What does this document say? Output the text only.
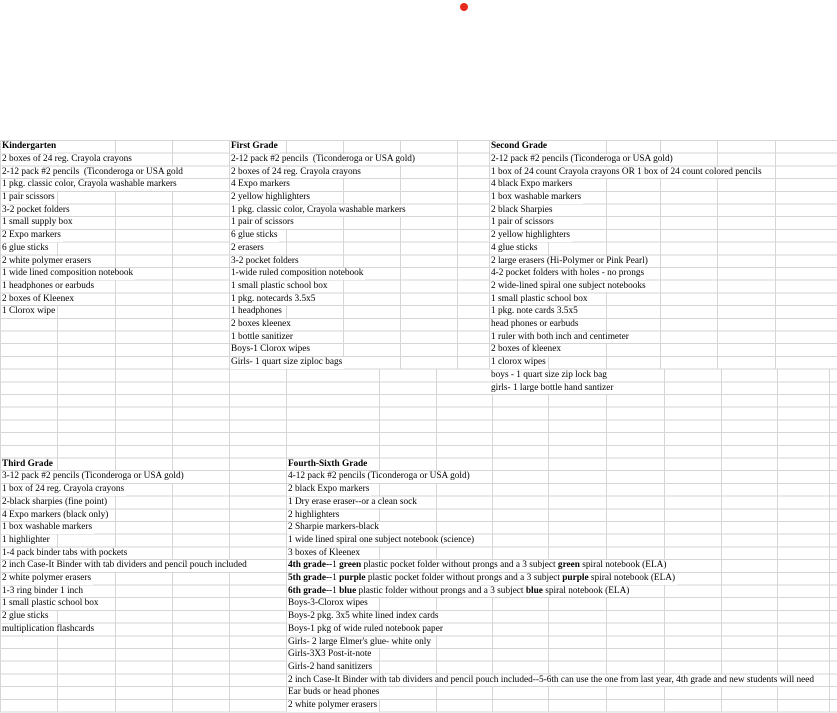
Kindergarten
2 boxes of 24 reg. Crayola crayons
2-12 pack #2 pencils  (Ticonderoga or USA gold
1 pkg. classic color, Crayola washable markers
1 pair scissors
3-2 pocket folders
1 small supply box
2 Expo markers
6 glue sticks
2 white polymer erasers
1 wide lined composition notebook
1 headphones or earbuds
2 boxes of Kleenex
1 Clorox wipe
First Grade
2-12 pack #2 pencils  (Ticonderoga or USA gold)
2 boxes of 24 reg. Crayola crayons
4 Expo markers
2 yellow highlighters
1 pkg. classic color, Crayola washable markers
1 pair of scissors
6 glue sticks
2 erasers
3-2 pocket folders
1-wide ruled composition notebook
1 small plastic school box
1 pkg. notecards 3.5x5
1 headphones
2 boxes kleenex
1 bottle sanitizer
Boys-1 Clorox wipes
Girls- 1 quart size ziploc bags
Second Grade
2-12 pack #2 pencils (Ticonderoga or USA gold)
1 box of 24 count Crayola crayons OR 1 box of 24 count colored pencils
4 black Expo markers
1 box washable markers
2 black Sharpies
1 pair of scissors
2 yellow highlighters
4 glue sticks
2 large erasers (Hi-Polymer or Pink Pearl)
4-2 pocket folders with holes - no prongs
2 wide-lined spiral one subject notebooks
1 small plastic school box
1 pkg. note cards 3.5x5
head phones or earbuds
1 ruler with both inch and centimeter
2 boxes of kleenex
1 clorox wipes
boys - 1 quart size zip lock bag
girls- 1 large bottle hand santizer
Third Grade
3-12 pack #2 pencils (Ticonderoga or USA gold)
1 box of 24 reg. Crayola crayons
2-black sharpies (fine point)
4 Expo markers (black only)
1 box washable markers
1 highlighter
1-4 pack binder tabs with pockets
2 inch Case-It Binder with tab dividers and pencil pouch included
2 white polymer erasers
1-3 ring binder 1 inch
1 small plastic school box
2 glue sticks
multiplication flashcards
Fourth-Sixth Grade
4-12 pack #2 pencils (Ticonderoga or USA gold)
2 black Expo markers
1 Dry erase eraser--or a clean sock
2 highlighters
2 Sharpie markers-black
1 wide lined spiral one subject notebook (science)
3 boxes of Kleenex
4th grade--1 green plastic pocket folder without prongs and a 3 subject green spiral notebook (ELA)
5th grade--1 purple plastic pocket folder without prongs and a 3 subject purple spiral notebook (ELA)
6th grade--1 blue plastic folder without prongs and a 3 subject blue spiral notebook (ELA)
Boys-3-Clorox wipes
Boys-2 pkg. 3x5 white lined index cards
Boys-1 pkg of wide ruled notebook paper
Girls- 2 large Elmer's glue- white only
Girls-3X3 Post-it-note
Girls-2 hand sanitizers
2 inch Case-It Binder with tab dividers and pencil pouch included--5-6th can use the one from last year, 4th grade and new students will need
Ear buds or head phones
2 white polymer erasers
